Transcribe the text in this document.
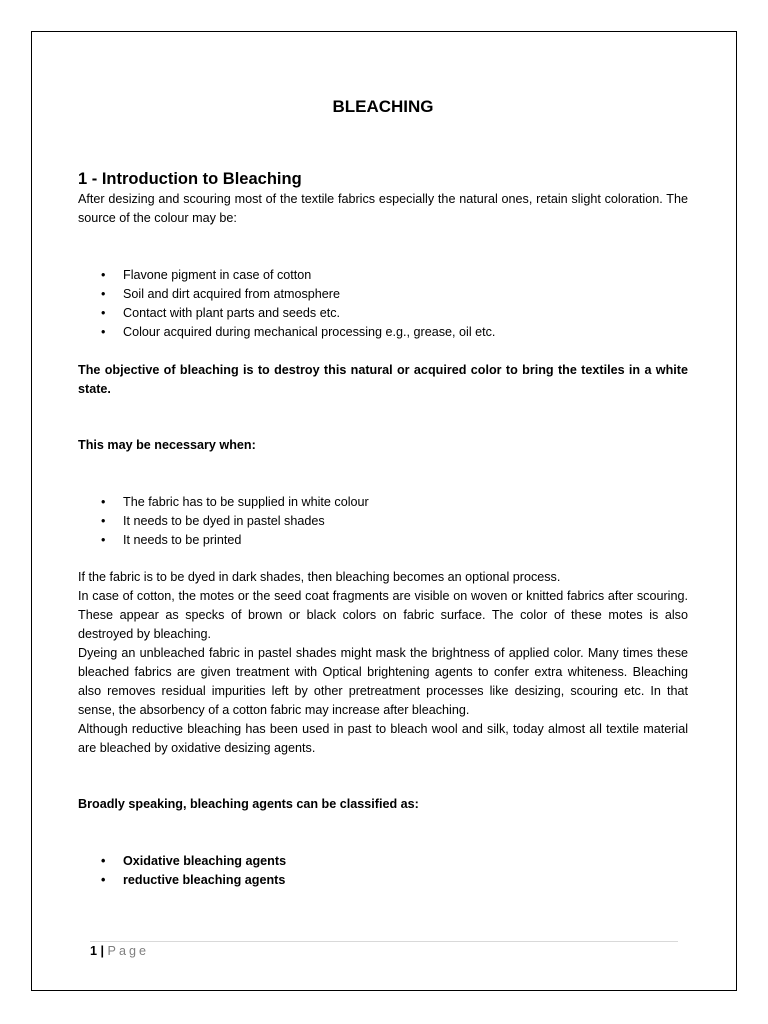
BLEACHING
1 - Introduction to Bleaching

After desizing and scouring most of the textile fabrics especially the natural ones, retain slight coloration. The source of the colour may be:

• Flavone pigment in case of cotton
• Soil and dirt acquired from atmosphere
• Contact with plant parts and seeds etc.
• Colour acquired during mechanical processing e.g., grease, oil etc.

The objective of bleaching is to destroy this natural or acquired color to bring the textiles in a white state.

This may be necessary when:

• The fabric has to be supplied in white colour
• It needs to be dyed in pastel shades
• It needs to be printed

If the fabric is to be dyed in dark shades, then bleaching becomes an optional process.

In case of cotton, the motes or the seed coat fragments are visible on woven or knitted fabrics after scouring. These appear as specks of brown or black colors on fabric surface. The color of these motes is also destroyed by bleaching.

Dyeing an unbleached fabric in pastel shades might mask the brightness of applied color. Many times these bleached fabrics are given treatment with Optical brightening agents to confer extra whiteness. Bleaching also removes residual impurities left by other pretreatment processes like desizing, scouring etc. In that sense, the absorbency of a cotton fabric may increase after bleaching.

Although reductive bleaching has been used in past to bleach wool and silk, today almost all textile material are bleached by oxidative desizing agents.

Broadly speaking, bleaching agents can be classified as:

• Oxidative bleaching agents
• reductive bleaching agents
1 | Page
